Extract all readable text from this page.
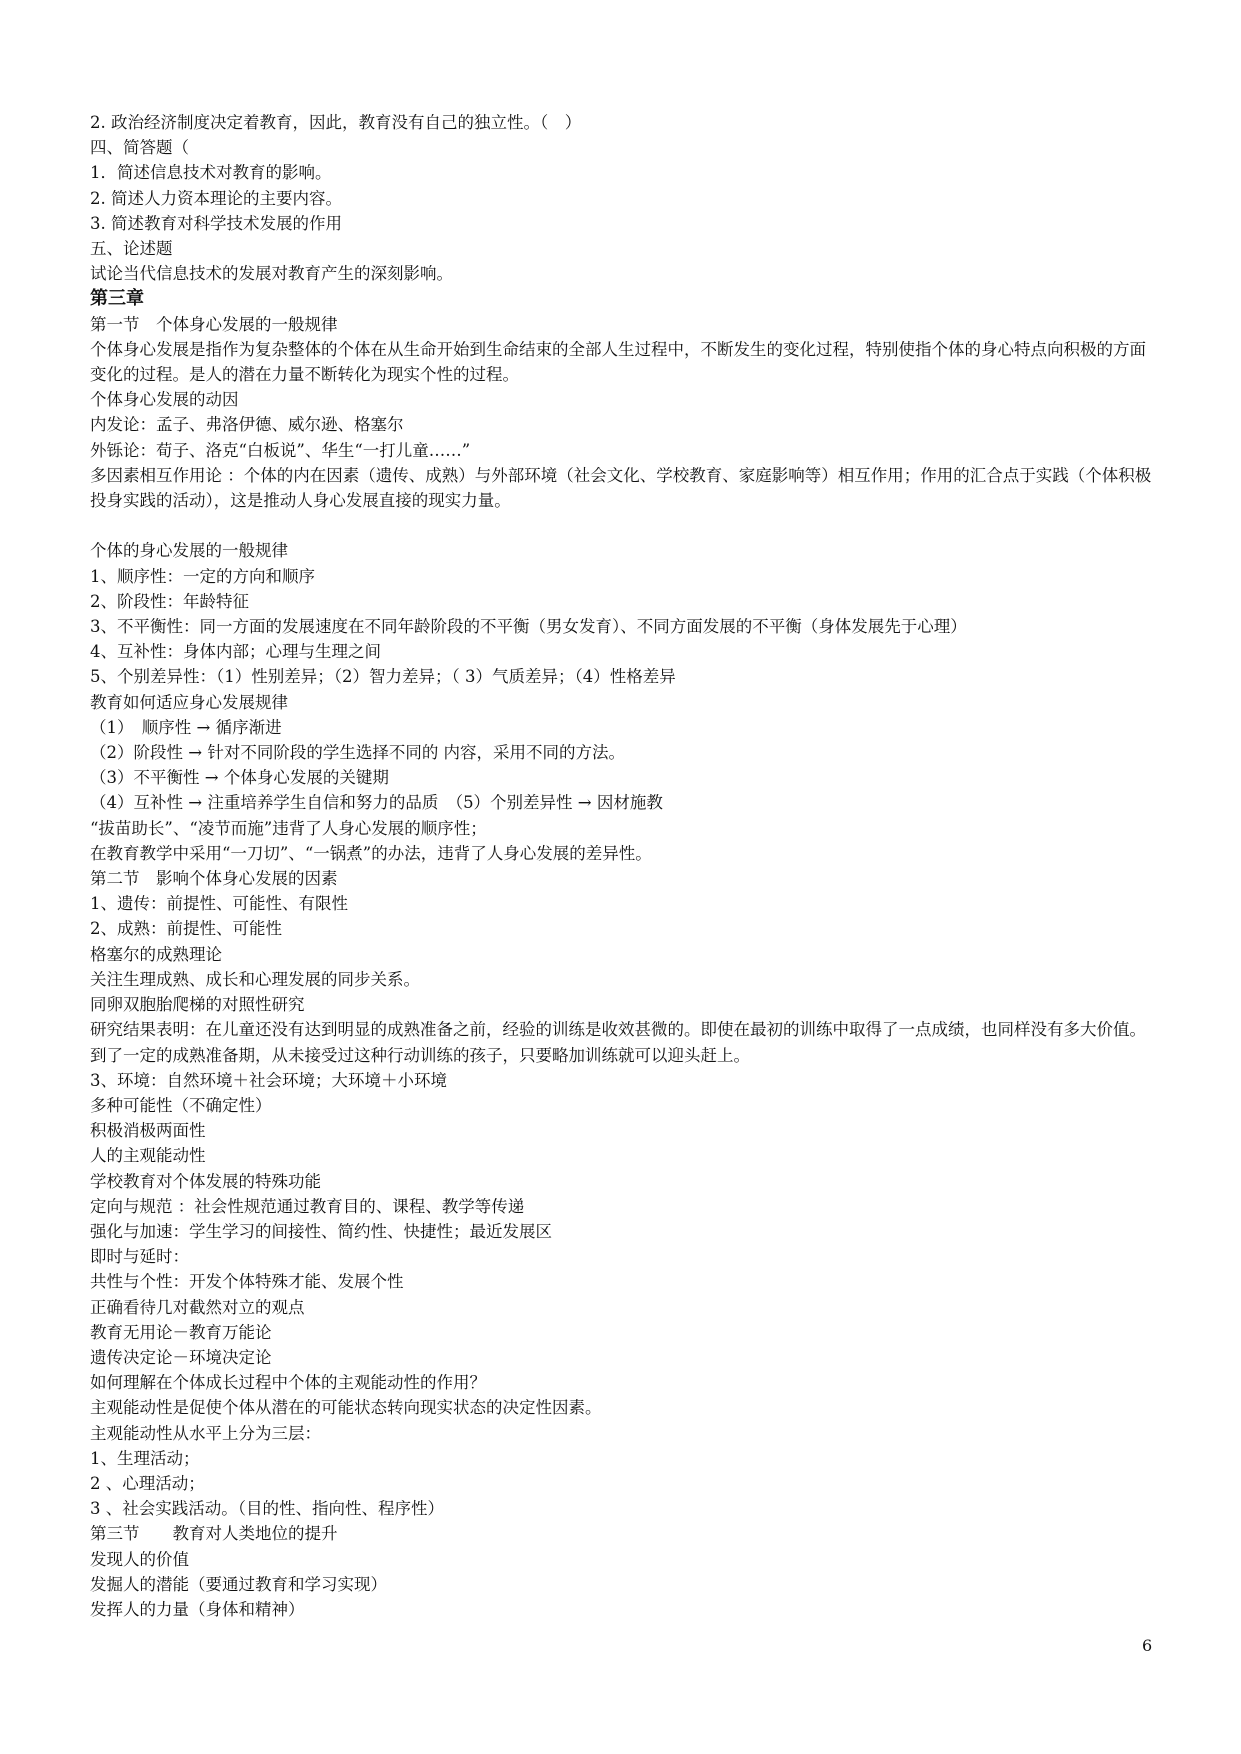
2. 政治经济制度决定着教育，因此，教育没有自己的独立性。（　）
四、简答题（
1．简述信息技术对教育的影响。
2. 简述人力资本理论的主要内容。
3. 简述教育对科学技术发展的作用
五、论述题
试论当代信息技术的发展对教育产生的深刻影响。
第三章
第一节　个体身心发展的一般规律
个体身心发展是指作为复杂整体的个体在从生命开始到生命结束的全部人生过程中，不断发生的变化过程，特别使指个体的身心特点向积极的方面变化的过程。是人的潜在力量不断转化为现实个性的过程。
个体身心发展的动因
内发论：孟子、弗洛伊德、威尔逊、格塞尔
外铄论：荀子、洛克“白板说”、华生“一打儿童……”
多因素相互作用论 ：个体的内在因素（遗传、成熟）与外部环境（社会文化、学校教育、家庭影响等）相互作用；作用的汇合点于实践（个体积极投身实践的活动），这是推动人身心发展直接的现实力量。
个体的身心发展的一般规律
1、顺序性：一定的方向和顺序
2、阶段性：年龄特征
3、不平衡性：同一方面的发展速度在不同年龄阶段的不平衡（男女发育）、不同方面发展的不平衡（身体发展先于心理）
4、互补性：身体内部；心理与生理之间
5、个别差异性：（1）性别差异；（2）智力差异；（ 3）气质差异；（4）性格差异
教育如何适应身心发展规律
（1）　顺序性 → 循序渐进
（2）阶段性 → 针对不同阶段的学生选择不同的 内容，采用不同的方法。
（3）不平衡性 → 个体身心发展的关键期
（4）互补性 → 注重培养学生自信和努力的品质　（5）个别差异性 → 因材施教
“拔苗助长”、“凌节而施”违背了人身心发展的顺序性；
在教育教学中采用“一刀切”、“一锅煮”的办法，违背了人身心发展的差异性。
第二节　影响个体身心发展的因素
1、遗传：前提性、可能性、有限性
2、成熟：前提性、可能性
格塞尔的成熟理论
关注生理成熟、成长和心理发展的同步关系。
同卵双胞胎爬梯的对照性研究
研究结果表明：在儿童还没有达到明显的成熟准备之前，经验的训练是收效甚微的。即使在最初的训练中取得了一点成绩，也同样没有多大价值。到了一定的成熟准备期，从未接受过这种行动训练的孩子，只要略加训练就可以迎头赶上。
3、环境：自然环境＋社会环境；大环境＋小环境
多种可能性（不确定性）
积极消极两面性
人的主观能动性
学校教育对个体发展的特殊功能
定向与规范 ：社会性规范通过教育目的、课程、教学等传递
强化与加速：学生学习的间接性、简约性、快捷性；最近发展区
即时与延时：
共性与个性：开发个体特殊才能、发展个性
正确看待几对截然对立的观点
教育无用论－教育万能论
遗传决定论－环境决定论
如何理解在个体成长过程中个体的主观能动性的作用？
主观能动性是促使个体从潜在的可能状态转向现实状态的决定性因素。
主观能动性从水平上分为三层：
1、生理活动；
2 、心理活动；
3 、社会实践活动。（目的性、指向性、程序性）
第三节　　教育对人类地位的提升
发现人的价值
发掘人的潜能（要通过教育和学习实现）
发挥人的力量（身体和精神）
6
